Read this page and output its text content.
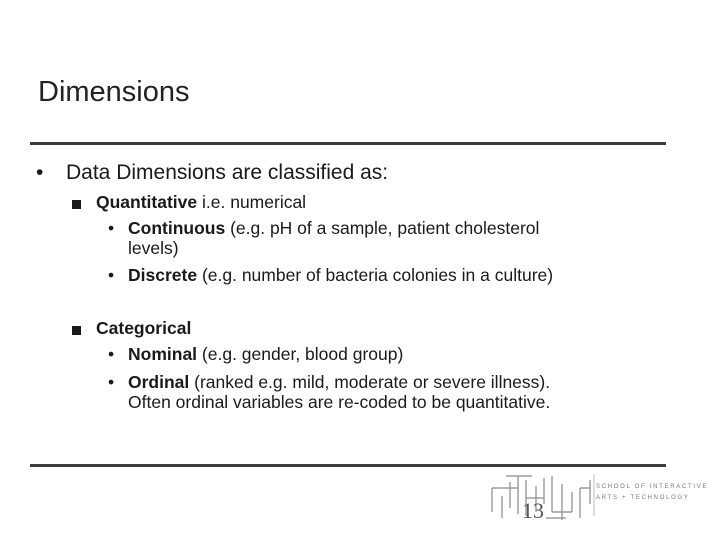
Dimensions
• Data Dimensions are classified as:
Quantitative i.e. numerical
• Continuous (e.g. pH of a sample, patient cholesterol
levels)
• Discrete (e.g. number of bacteria colonies in a culture)
Categorical
• Nominal (e.g. gender, blood group)
• Ordinal (ranked e.g. mild, moderate or severe illness).
Often ordinal variables are re-coded to be quantitative.
SCHOOL OF INTERACTIVE
ARTS + TECHNOLOGY
13
